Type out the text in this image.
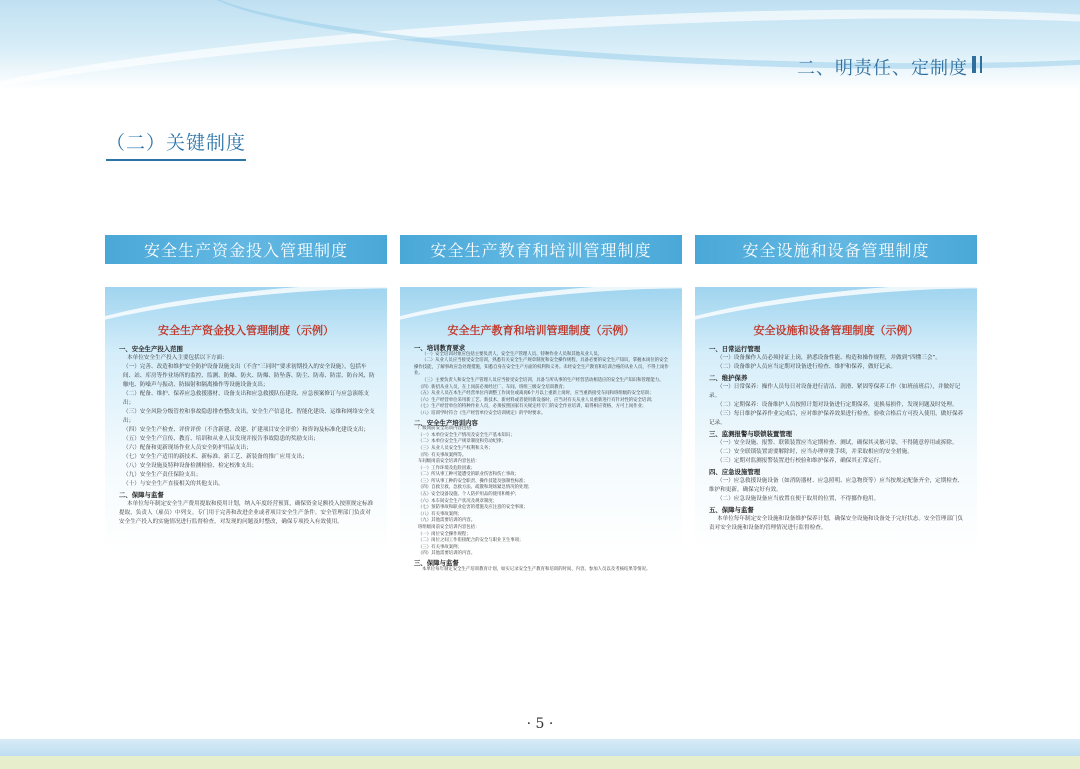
二、明责任、定制度
（二）关键制度
安全生产资金投入管理制度
安全生产资金投入管理制度（示例）
一、安全生产投入范围
本单位安全生产投入主要包括以下方面：
（一）完善、改造和维护安全防护设备设施支出（不含“三同时”要求初期投入的安全设施），包括车间、站、库房等作业场所的监控、监测、防爆、防火、防爆、防坠落、防尘、防毒、防雷、防台风、防触电、防噪声与振动、防辐射和隔离操作等设施设备支出；
（二）配备、维护、保养应急救援器材、设备支出和应急救援队伍建设、应急预案修订与应急演练支出；
（三）安全风险分级管控和事故隐患排查整改支出，安全生产信息化、智能化建设、运维和网络安全支出；
（四）安全生产检查、评价评价（不含新建、改建、扩建项目安全评价）和咨询及标准化建设支出；
（五）安全生产宣传、教育、培训和从业人员发现并报告事故隐患的奖励支出；
（六）配备和更新现场作业人员安全防护用品支出；
（七）安全生产适用的新技术、新标准、新工艺、新装备的推广应用支出；
（八）安全设施及特种设备检测检验、检定校准支出；
（九）安全生产责任保险支出；
（十）与安全生产直接相关的其他支出。
二、保障与监督
本单位每年制定安全生产费用提取和使用计划，纳入年度经营预算，确保资金足额投入按照规定标准提取，负责人（雇员）中列支。专门用于完善和改进企业或者项目安全生产条件。安全管理部门负责对安全生产投入的实施情况进行监督检查，对发现的问题及时整改，确保专项投入有效使用。
安全生产教育和培训管理制度
安全生产教育和培训管理制度（示例）
一、培训教育要求
（一）安全培训对象应包括主要负责人、安全生产管理人员、特种作业人员和其他从业人员。
（二）从业人员应当接受安全培训，熟悉有关安全生产规章制度和安全操作规程，具备必要的安全生产知识，掌握本岗位的安全操作技能，了解事故应急处理措施，知悉自身在安全生产方面的权利和义务。未经安全生产教育和培训合格的从业人员，不得上岗作业。
（三）主要负责人和安全生产管理人员应当接受安全培训，具备与所从事的生产经营活动相适应的安全生产知识和管理能力。
（四）新招从业人员，在上岗前必须经过厂、车间、班组三级安全培训教育；
（五）从业人员在本生产经营单位内调整工作岗位或离岗6个月以上重新上岗时，应当重新接受车间和班组级的安全培训；
（六）生产经营单位采用新工艺、新技术、新材料或者使用新设备时，应当对有关从业人员重新进行有针对性的安全培训；
（七）生产经营单位的特种作业人员，必须按照国家有关规定经专门的安全作业培训，取得相应资格，方可上岗作业；
（八）培训学时符合《生产经营单位安全培训规定》的学时要求。
二、安全生产培训内容
厂级岗前安全培训内容包括：
（一）本单位安全生产情况及安全生产基本知识；
（二）本单位安全生产规章制度和劳动纪律；
（三）从业人员安全生产权利和义务；
（四）有关事故案例等。
车间级岗前安全培训内容包括：
（一）工作环境及危险因素；
（二）所从事工种可能遭受的职业伤害和伤亡事故；
（三）所从事工种的安全职责、操作技能及强制性标准；
（四）自救互救、急救方法、疏散和现场紧急情况的处理；
（五）安全设备设施、个人防护用品的使用和维护；
（六）本车间安全生产状况及规章制度；
（七）预防事故和职业危害的措施及应注意的安全事项；
（八）有关事故案例；
（九）其他需要培训的内容。
班组级岗前安全培训内容包括：
（一）岗位安全操作规程；
（二）岗位之间工作衔接配合的安全与职业卫生事项；
（三）有关事故案例；
（四）其他需要培训的内容。
三、保障与监督
本单位每年制定安全生产培训教育计划，如实记录安全生产教育和培训的时间、内容、参加人员以及考核结果等情况。
安全设施和设备管理制度
安全设施和设备管理制度（示例）
一、日常运行管理
（一）设备操作人员必须持证上岗，熟悉设备性能、构造和操作规程，并做到“四懂三会”。
（二）设备维护人员应当定期对设备进行检查、维护和保养，做好记录。
二、维护保养
（一）日常保养：操作人员每日对设备进行清洁、润滑、紧固等保养工作（如班前班后），并做好记录。
（二）定期保养：设备维护人员按照计划对设备进行定期保养，更换易损件，发现问题及时处理。
（三）每日维护保养作业完成后，应对维护保养效果进行检查，验收合格后方可投入使用，做好保养记录。
三、监测报警与联锁装置管理
（一）安全设施、报警、联锁装置应当定期检查、测试，确保其灵敏可靠，不得随意停用或拆除。
（二）安全联锁装置需要解除时，应当办理审批手续，并采取相应的安全措施。
（三）定期对监测报警装置进行校验和维护保养，确保其正常运行。
四、应急设施管理
（一）应急救援设施设备（如消防器材、应急照明、应急物资等）应当按规定配备齐全，定期检查、维护和更新，确保完好有效。
（二）应急设施设备应当放置在便于取用的位置，不得挪作他用。
五、保障与监督
本单位每年制定安全设施和设备维护保养计划，确保安全设施和设备处于完好状态。安全管理部门负责对安全设施和设备的管理情况进行监督检查。
· 5 ·
